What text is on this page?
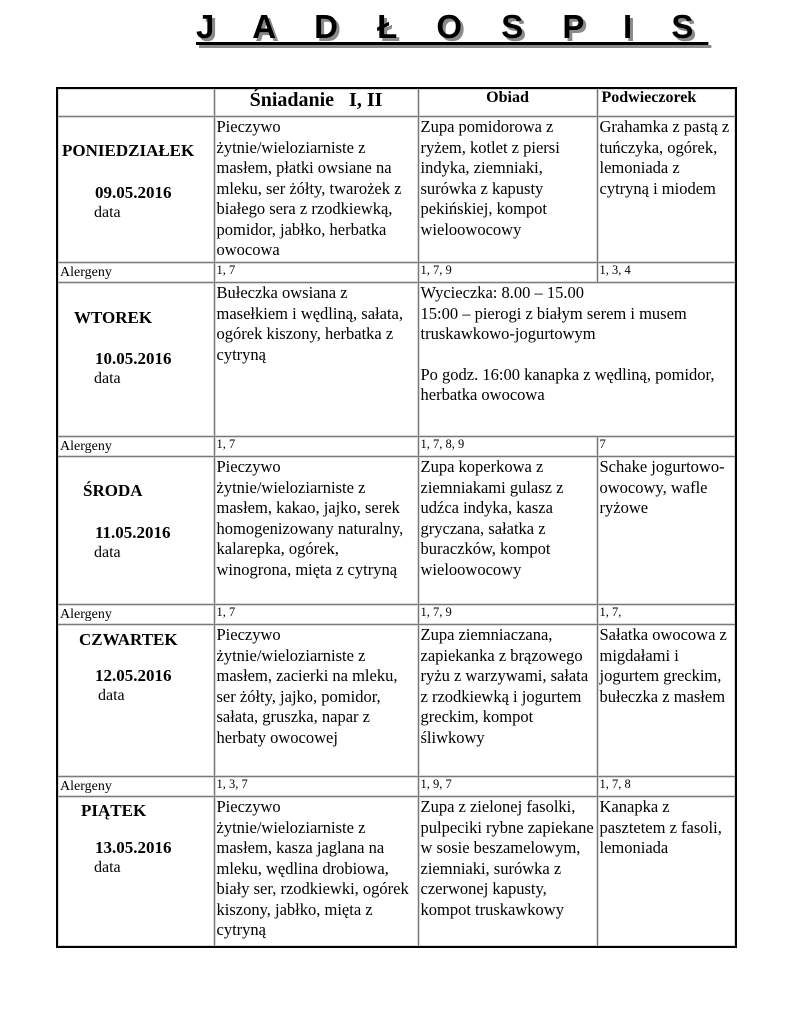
J A D Ł O S P I S
	Śniadanie   I, II	Obiad	Podwieczorek

PONIEDZIAŁEK
09.05.2016
data	Pieczywo żytnie/wieloziarniste z masłem, płatki owsiane na mleku, ser żółty, twarożek z białego sera z rzodkiewką, pomidor, jabłko, herbatka owocowa	Zupa pomidorowa z ryżem, kotlet z piersi indyka, ziemniaki, surówka z kapusty pekińskiej, kompot wieloowocowy	Grahamka z pastą z tuńczyka, ogórek, lemoniada z cytryną i miodem
Alergeny	1, 7	1, 7, 9	1, 3, 4

WTOREK
10.05.2016
data	Bułeczka owsiana z masełkiem i wędliną, sałata, ogórek kiszony, herbatka z cytryną	Wycieczka: 8.00 – 15.00
15:00 – pierogi z białym serem i musem truskawkowo-jogurtowym
Po godz. 16:00 kanapka z wędliną, pomidor, herbatka owocowa	

Alergeny	1, 7	1, 7, 8, 9	7

ŚRODA
11.05.2016
data	Pieczywo żytnie/wieloziarniste z masłem, kakao, jajko, serek homogenizowany naturalny, kalarepka, ogórek, winogrona, mięta z cytryną	Zupa koperkowa z ziemniakami gulasz z udźca indyka, kasza gryczana, sałatka z buraczków, kompot wieloowocowy	Schake jogurtowo-owocowy, wafle ryżowe
Alergeny	1, 7	1, 7, 9	1, 7,

CZWARTEK
12.05.2016
data	Pieczywo żytnie/wieloziarniste z masłem, zacierki na mleku, ser żółty, jajko, pomidor, sałata, gruszka, napar z herbaty owocowej	Zupa ziemniaczana, zapiekanka z brązowego ryżu z warzywami, sałata z rzodkiewką i jogurtem greckim, kompot śliwkowy	Sałatka owocowa z migdałami i jogurtem greckim, bułeczka z masłem
Alergeny	1, 3, 7	1, 9, 7	1, 7, 8

PIĄTEK
13.05.2016
data	Pieczywo żytnie/wieloziarniste z masłem, kasza jaglana na mleku, wędlina drobiowa, biały ser, rzodkiewki, ogórek kiszony, jabłko, mięta z cytryną	Zupa z zielonej fasolki, pulpeciki rybne zapiekane w sosie beszamelowym, ziemniaki, surówka z czerwonej kapusty, kompot truskawkowy	Kanapka z pasztetem z fasoli, lemoniada
